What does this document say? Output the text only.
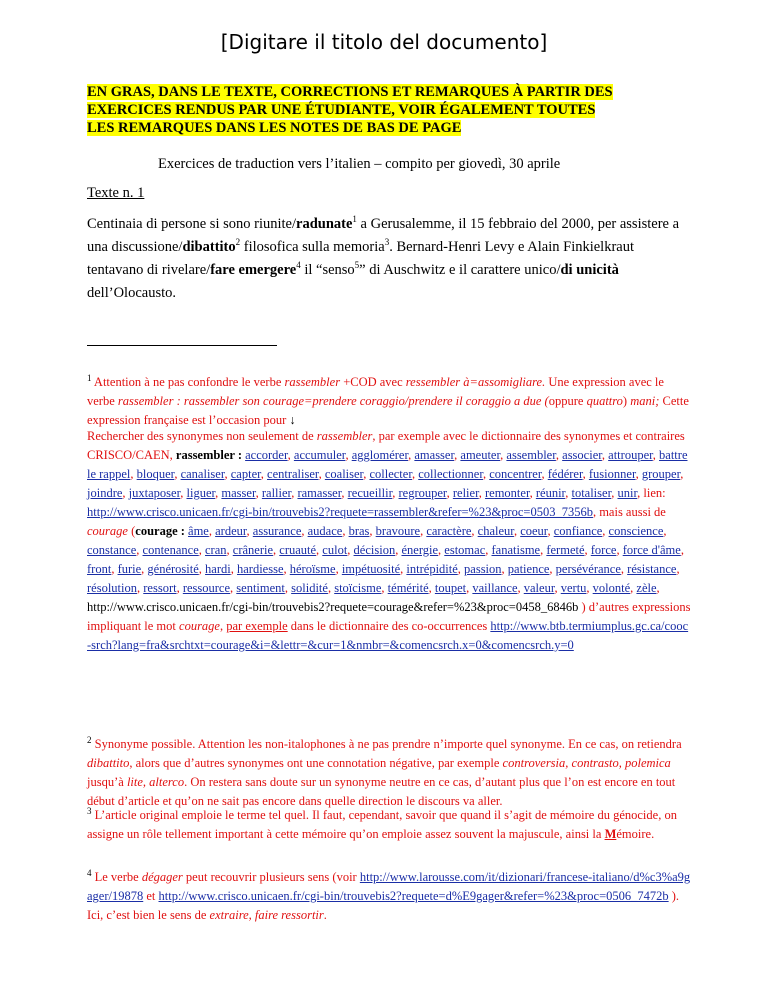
[Digitare il titolo del documento]
EN GRAS, DANS LE TEXTE, CORRECTIONS ET REMARQUES À PARTIR DES
EXERCICES RENDUS PAR UNE ÉTUDIANTE, VOIR ÉGALEMENT TOUTES
LES REMARQUES DANS LES NOTES DE BAS DE PAGE
Exercices de traduction vers l’italien – compito per giovedì, 30 aprile
Texte n. 1
Centinaia di persone si sono riunite/radunate$^1$ a Gerusalemme, il 15 febbraio del 2000, per assistere a una discussione/dibattito$^2$ filosofica sulla memoria$^3$. Bernard-Henri Levy e Alain Finkielkraut tentavano di rivelare/fare emergere$^4$ il “senso$^5$” di Auschwitz e il carattere unico/di unicità dell’Olocausto.
$^1$ Attention à ne pas confondre le verbe rassembler +COD avec ressembler à=assomigliare. Une expression avec le verbe rassembler : rassembler son courage=prendere coraggio/prendere il coraggio a due (oppure quattro) mani; Cette expression française est l’occasion pour ↓
Rechercher des synonymes non seulement de rassembler, par exemple avec le dictionnaire des synonymes et contraires CRISCO/CAEN, rassembler : accorder, accumuler, agglomérer, amasser, ameuter, assembler, associer, attrouper, battre le rappel, bloquer, canaliser, capter, centraliser, coaliser, collecter, collectionner, concentrer, fédérer, fusionner, grouper, joindre, juxtaposer, liguer, masser, rallier, ramasser, recueillir, regrouper, relier, remonter, réunir, totaliser, unir, lien: http://www.crisco.unicaen.fr/cgi-bin/trouvebis2?requete=rassembler&refer=%23&proc=0503_7356b, mais aussi de courage (courage : âme, ardeur, assurance, audace, bras, bravoure, caractère, chaleur, coeur, confiance, conscience, constance, contenance, cran, crânerie, cruauté, culot, décision, énergie, estomac, fanatisme, fermeté, force, force d'âme, front, furie, générosité, hardi, hardiesse, héroïsme, impétuosité, intrépidité, passion, patience, persévérance, résistance, résolution, ressort, ressource, sentiment, solidité, stoïcisme, témérité, toupet, vaillance, valeur, vertu, volonté, zèle,
http://www.crisco.unicaen.fr/cgi-bin/trouvebis2?requete=courage&refer=%23&proc=0458_6846b ) d’autres expressions impliquant le mot courage, par exemple dans le dictionnaire des co-occurrences http://www.btb.termiumplus.gc.ca/cooc-srch?lang=fra&srchtxt=courage&i=&lettr=&cur=1&nmbr=&comencsrch.x=0&comencsrch.y=0
$^2$ Synonyme possible. Attention les non-italophones à ne pas prendre n’importe quel synonyme. En ce cas, on retiendra dibattito, alors que d’autres synonymes ont une connotation négative, par exemple controversia, contrasto, polemica jusqu’à lite, alterco. On restera sans doute sur un synonyme neutre en ce cas, d’autant plus que l’on est encore en tout début d’article et qu’on ne sait pas encore dans quelle direction le discours va aller.
$^3$ L’article original emploie le terme tel quel. Il faut, cependant, savoir que quand il s’agit de mémoire du génocide, on assigne un rôle tellement important à cette mémoire qu’on emploie assez souvent la majuscule, ainsi la Mémoire.
$^4$ Le verbe dégager peut recouvrir plusieurs sens (voir http://www.larousse.com/it/dizionari/francese-italiano/d%c3%a9gager/19878 et http://www.crisco.unicaen.fr/cgi-bin/trouvebis2?requete=d%E9gager&refer=%23&proc=0506_7472b ). Ici, c’est bien le sens de extraire, faire ressortir.
